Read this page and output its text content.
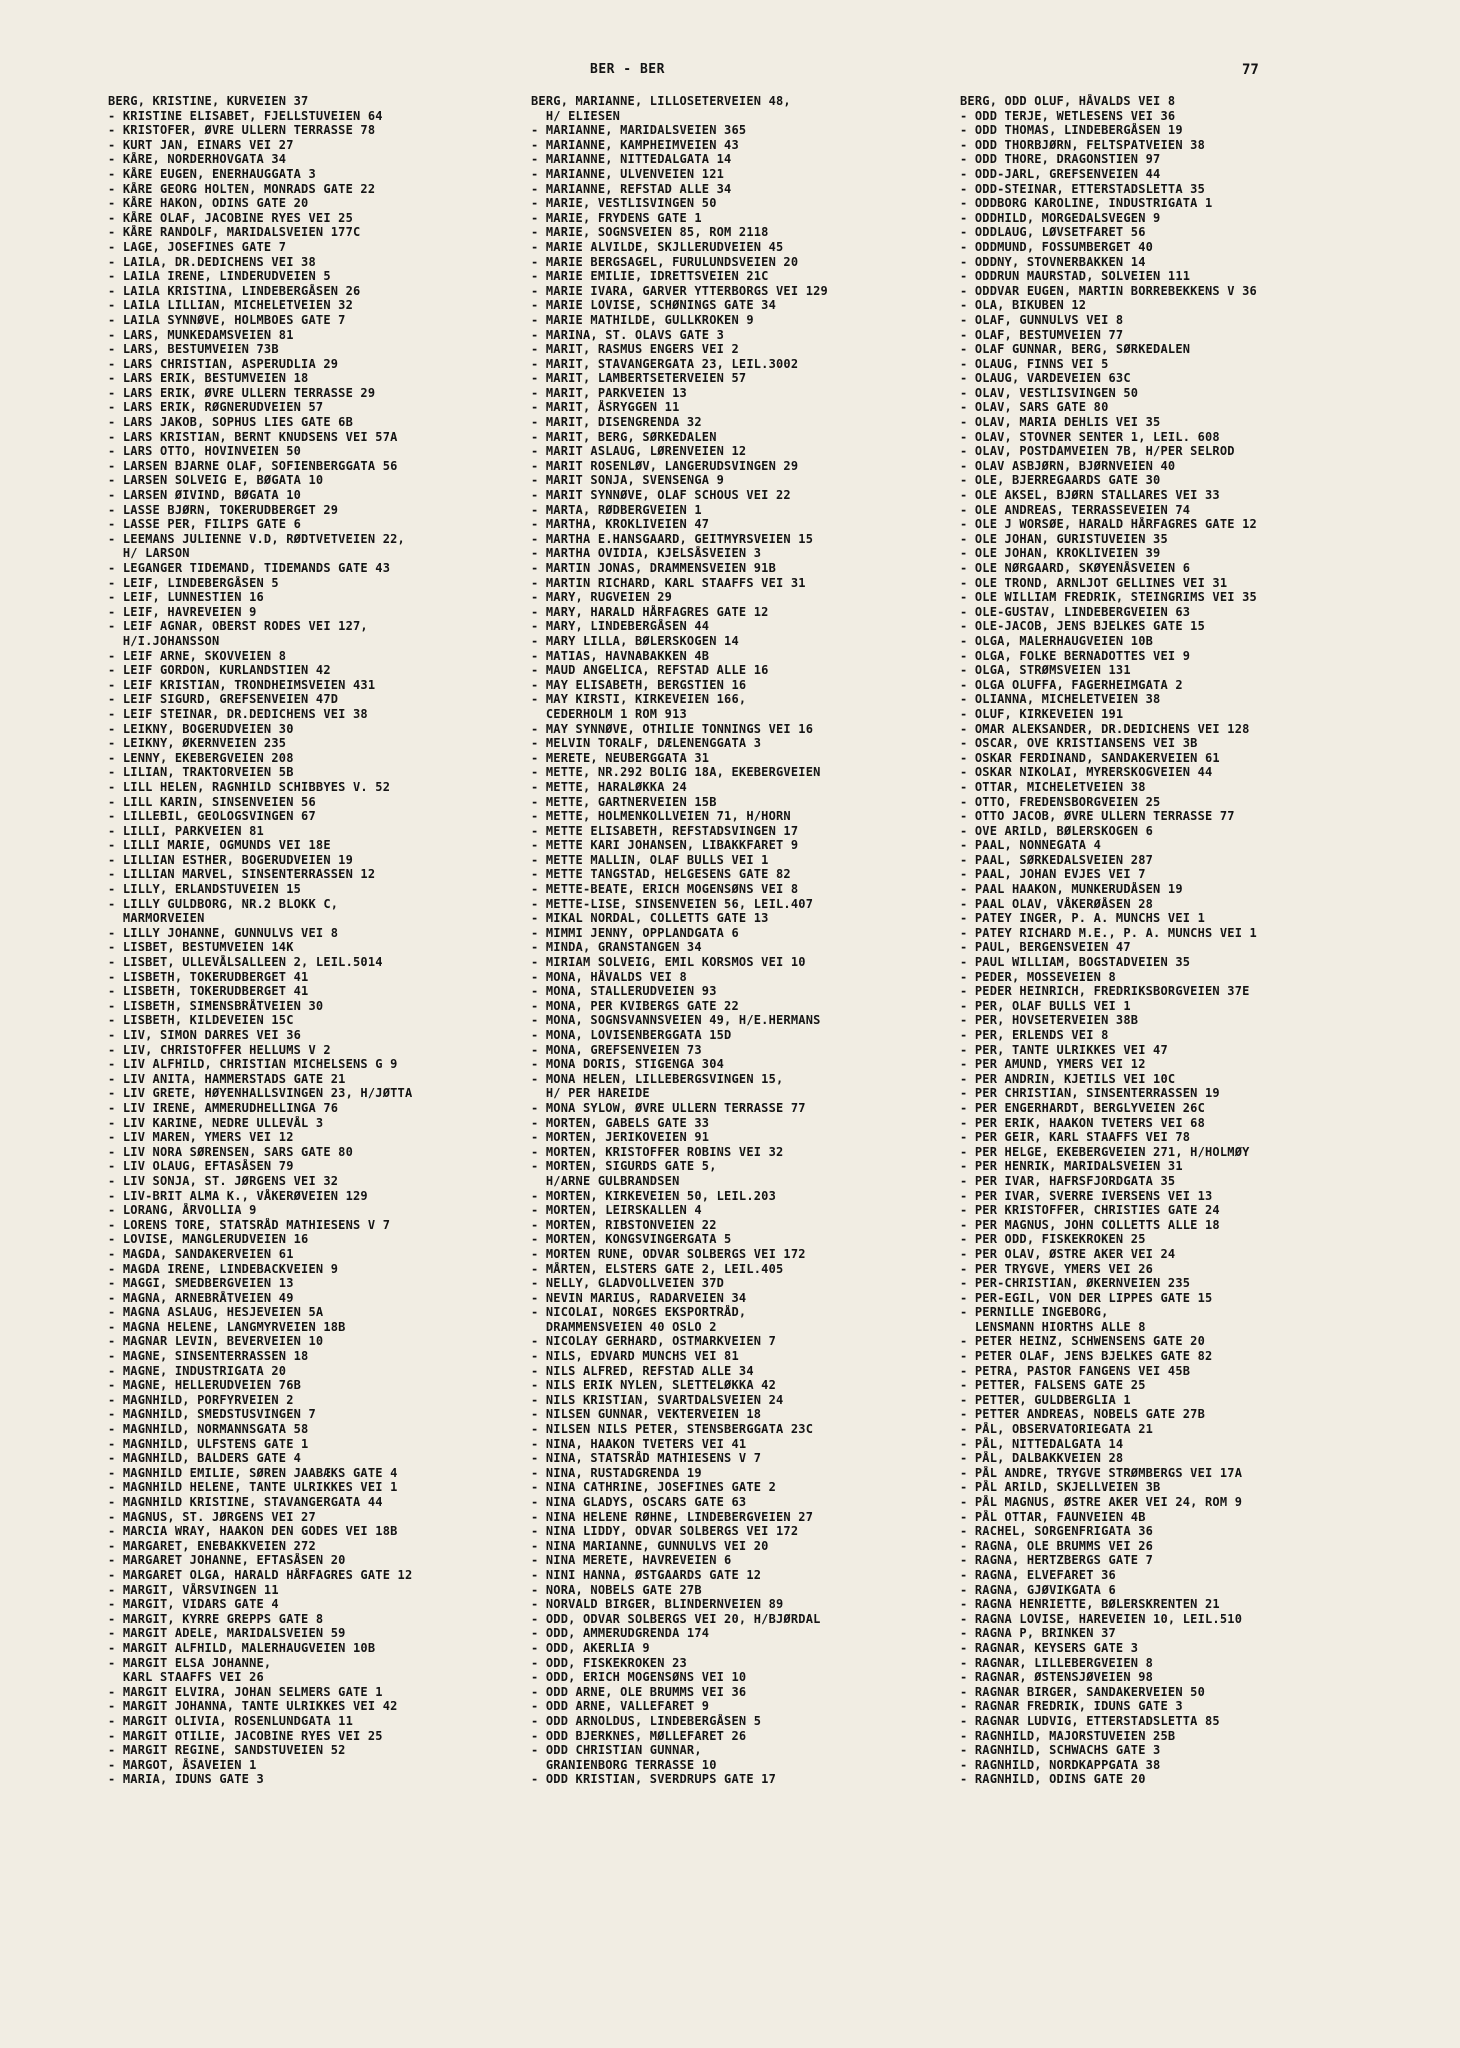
BER - BER	77
BERG, KRISTINE, KURVEIEN 37
- KRISTINE ELISABET, FJELLSTUVEIEN 64
- KRISTOFER, ØVRE ULLERN TERRASSE 78
- KURT JAN, EINARS VEI 27
- KÅRE, NORDERHOVGATA 34
- KÅRE EUGEN, ENERHAUGGATA 3
- KÅRE GEORG HOLTEN, MONRADS GATE 22
- KÅRE HAKON, ODINS GATE 20
- KÅRE OLAF, JACOBINE RYES VEI 25
- KÅRE RANDOLF, MARIDALSVEIEN 177C
- LAGE, JOSEFINES GATE 7
- LAILA, DR.DEDICHENS VEI 38
- LAILA IRENE, LINDERUDVEIEN 5
- LAILA KRISTINA, LINDEBERGÅSEN 26
- LAILA LILLIAN, MICHELETVEIEN 32
- LAILA SYNNØVE, HOLMBOES GATE 7
- LARS, MUNKEDAMSVEIEN 81
- LARS, BESTUMVEIEN 73B
- LARS CHRISTIAN, ASPERUDLIA 29
- LARS ERIK, BESTUMVEIEN 18
- LARS ERIK, ØVRE ULLERN TERRASSE 29
- LARS ERIK, RØGNERUDVEIEN 57
- LARS JAKOB, SOPHUS LIES GATE 6B
- LARS KRISTIAN, BERNT KNUDSENS VEI 57A
- LARS OTTO, HOVINVEIEN 50
- LARSEN BJARNE OLAF, SOFIENBERGGATA 56
- LARSEN SOLVEIG E, BØGATA 10
- LARSEN ØIVIND, BØGATA 10
- LASSE BJØRN, TOKERUDBERGET 29
- LASSE PER, FILIPS GATE 6
- LEEMANS JULIENNE V.D, RØDTVETVEIEN 22,
H/ LARSON
- LEGANGER TIDEMAND, TIDEMANDS GATE 43
- LEIF, LINDEBERGÅSEN 5
- LEIF, LUNNESTIEN 16
- LEIF, HAVREVEIEN 9
- LEIF AGNAR, OBERST RODES VEI 127,
H/I.JOHANSSON
- LEIF ARNE, SKOVVEIEN 8
- LEIF GORDON, KURLANDSTIEN 42
- LEIF KRISTIAN, TRONDHEIMSVEIEN 431
- LEIF SIGURD, GREFSENVEIEN 47D
- LEIF STEINAR, DR.DEDICHENS VEI 38
- LEIKNY, BOGERUDVEIEN 30
- LEIKNY, ØKERNVEIEN 235
- LENNY, EKEBERGVEIEN 208
- LILIAN, TRAKTORVEIEN 5B
- LILL HELEN, RAGNHILD SCHIBBYES V. 52
- LILL KARIN, SINSENVEIEN 56
- LILLEBIL, GEOLOGSVINGEN 67
- LILLI, PARKVEIEN 81
- LILLI MARIE, OGMUNDS VEI 18E
- LILLIAN ESTHER, BOGERUDVEIEN 19
- LILLIAN MARVEL, SINSENTERRASSEN 12
- LILLY, ERLANDSTUVEIEN 15
- LILLY GULDBORG, NR.2 BLOKK C,
MARMORVEIEN
- LILLY JOHANNE, GUNNULVS VEI 8
- LISBET, BESTUMVEIEN 14K
- LISBET, ULLEVÅLSALLEEN 2, LEIL.5014
- LISBETH, TOKERUDBERGET 41
- LISBETH, TOKERUDBERGET 41
- LISBETH, SIMENSBRÅTVEIEN 30
- LISBETH, KILDEVEIEN 15C
- LIV, SIMON DARRES VEI 36
- LIV, CHRISTOFFER HELLUMS V 2
- LIV ALFHILD, CHRISTIAN MICHELSENS G 9
- LIV ANITA, HAMMERSTADS GATE 21
- LIV GRETE, HØYENHALLSVINGEN 23, H/JØTTA
- LIV IRENE, AMMERUDHELLINGA 76
- LIV KARINE, NEDRE ULLEVÅL 3
- LIV MAREN, YMERS VEI 12
- LIV NORA SØRENSEN, SARS GATE 80
- LIV OLAUG, EFTASÅSEN 79
- LIV SONJA, ST. JØRGENS VEI 32
- LIV-BRIT ALMA K., VÅKERØVEIEN 129
- LORANG, ÅRVOLLIA 9
- LORENS TORE, STATSRÅD MATHIESENS V 7
- LOVISE, MANGLERUDVEIEN 16
- MAGDA, SANDAKERVEIEN 61
- MAGDA IRENE, LINDEBACKVEIEN 9
- MAGGI, SMEDBERGVEIEN 13
- MAGNA, ARNEBRÅTVEIEN 49
- MAGNA ASLAUG, HESJEVEIEN 5A
- MAGNA HELENE, LANGMYRVEIEN 18B
- MAGNAR LEVIN, BEVERVEIEN 10
- MAGNE, SINSENTERRASSEN 18
- MAGNE, INDUSTRIGATA 20
- MAGNE, HELLERUDVEIEN 76B
- MAGNHILD, PORFYRVEIEN 2
- MAGNHILD, SMEDSTUSVINGEN 7
- MAGNHILD, NORMANNSGATA 58
- MAGNHILD, ULFSTENS GATE 1
- MAGNHILD, BALDERS GATE 4
- MAGNHILD EMILIE, SØREN JAABÆKS GATE 4
- MAGNHILD HELENE, TANTE ULRIKKES VEI 1
- MAGNHILD KRISTINE, STAVANGERGATA 44
- MAGNUS, ST. JØRGENS VEI 27
- MARCIA WRAY, HAAKON DEN GODES VEI 18B
- MARGARET, ENEBAKKVEIEN 272
- MARGARET JOHANNE, EFTASÅSEN 20
- MARGARET OLGA, HARALD HÅRFAGRES GATE 12
- MARGIT, VÅRSVINGEN 11
- MARGIT, VIDARS GATE 4
- MARGIT, KYRRE GREPPS GATE 8
- MARGIT ADELE, MARIDALSVEIEN 59
- MARGIT ALFHILD, MALERHAUGVEIEN 10B
- MARGIT ELSA JOHANNE,
KARL STAAFFS VEI 26
- MARGIT ELVIRA, JOHAN SELMERS GATE 1
- MARGIT JOHANNA, TANTE ULRIKKES VEI 42
- MARGIT OLIVIA, ROSENLUNDGATA 11
- MARGIT OTILIE, JACOBINE RYES VEI 25
- MARGIT REGINE, SANDSTUVEIEN 52
- MARGOT, ÅSAVEIEN 1
- MARIA, IDUNS GATE 3
BERG, MARIANNE, LILLOSETERVEIEN 48,
H/ ELIESEN
- MARIANNE, MARIDALSVEIEN 365
- MARIANNE, KAMPHEIMVEIEN 43
- MARIANNE, NITTEDALGATA 14
- MARIANNE, ULVENVEIEN 121
- MARIANNE, REFSTAD ALLE 34
- MARIE, VESTLISVINGEN 50
- MARIE, FRYDENS GATE 1
- MARIE, SOGNSVEIEN 85, ROM 2118
- MARIE ALVILDE, SKJLLERUDVEIEN 45
- MARIE BERGSAGEL, FURULUNDSVEIEN 20
- MARIE EMILIE, IDRETTSVEIEN 21C
- MARIE IVARA, GARVER YTTERBORGS VEI 129
- MARIE LOVISE, SCHØNINGS GATE 34
- MARIE MATHILDE, GULLKROKEN 9
- MARINA, ST. OLAVS GATE 3
- MARIT, RASMUS ENGERS VEI 2
- MARIT, STAVANGERGATA 23, LEIL.3002
- MARIT, LAMBERTSETERVEIEN 57
- MARIT, PARKVEIEN 13
- MARIT, ÅSRYGGEN 11
- MARIT, DISENGRENDA 32
- MARIT, BERG, SØRKEDALEN
- MARIT ASLAUG, LØRENVEIEN 12
- MARIT ROSENLØV, LANGERUDSVINGEN 29
- MARIT SONJA, SVENSENGA 9
- MARIT SYNNØVE, OLAF SCHOUS VEI 22
- MARTA, RØDBERGVEIEN 1
- MARTHA, KROKLIVEIEN 47
- MARTHA E.HANSGAARD, GEITMYRSVEIEN 15
- MARTHA OVIDIA, KJELSÅSVEIEN 3
- MARTIN JONAS, DRAMMENSVEIEN 91B
- MARTIN RICHARD, KARL STAAFFS VEI 31
- MARY, RUGVEIEN 29
- MARY, HARALD HÅRFAGRES GATE 12
- MARY, LINDEBERGÅSEN 44
- MARY LILLA, BØLERSKOGEN 14
- MATIAS, HAVNABAKKEN 4B
- MAUD ANGELICA, REFSTAD ALLE 16
- MAY ELISABETH, BERGSTIEN 16
- MAY KIRSTI, KIRKEVEIEN 166,
CEDERHOLM 1 ROM 913
- MAY SYNNØVE, OTHILIE TONNINGS VEI 16
- MELVIN TORALF, DÆLENENGGATA 3
- MERETE, NEUBERGGATA 31
- METTE, NR.292 BOLIG 18A, EKEBERGVEIEN
- METTE, HARALØKKA 24
- METTE, GARTNERVEIEN 15B
- METTE, HOLMENKOLLVEIEN 71, H/HORN
- METTE ELISABETH, REFSTADSVINGEN 17
- METTE KARI JOHANSEN, LIBAKKFARET 9
- METTE MALLIN, OLAF BULLS VEI 1
- METTE TANGSTAD, HELGESENS GATE 82
- METTE-BEATE, ERICH MOGENSØNS VEI 8
- METTE-LISE, SINSENVEIEN 56, LEIL.407
- MIKAL NORDAL, COLLETTS GATE 13
- MIMMI JENNY, OPPLANDGATA 6
- MINDA, GRANSTANGEN 34
- MIRIAM SOLVEIG, EMIL KORSMOS VEI 10
- MONA, HÅVALDS VEI 8
- MONA, STALLERUDVEIEN 93
- MONA, PER KVIBERGS GATE 22
- MONA, SOGNSVANNSVEIEN 49, H/E.HERMANS
- MONA, LOVISENBERGGATA 15D
- MONA, GREFSENVEIEN 73
- MONA DORIS, STIGENGA 304
- MONA HELEN, LILLEBERGSVINGEN 15,
H/ PER HAREIDE
- MONA SYLOW, ØVRE ULLERN TERRASSE 77
- MORTEN, GABELS GATE 33
- MORTEN, JERIKOVEIEN 91
- MORTEN, KRISTOFFER ROBINS VEI 32
- MORTEN, SIGURDS GATE 5,
H/ARNE GULBRANDSEN
- MORTEN, KIRKEVEIEN 50, LEIL.203
- MORTEN, LEIRSKALLEN 4
- MORTEN, RIBSTONVEIEN 22
- MORTEN, KONGSVINGERGATA 5
- MORTEN RUNE, ODVAR SOLBERGS VEI 172
- MÅRTEN, ELSTERS GATE 2, LEIL.405
- NELLY, GLADVOLLVEIEN 37D
- NEVIN MARIUS, RADARVEIEN 34
- NICOLAI, NORGES EKSPORTRÅD,
DRAMMENSVEIEN 40 OSLO 2
- NICOLAY GERHARD, OSTMARKVEIEN 7
- NILS, EDVARD MUNCHS VEI 81
- NILS ALFRED, REFSTAD ALLE 34
- NILS ERIK NYLEN, SLETTELØKKA 42
- NILS KRISTIAN, SVARTDALSVEIEN 24
- NILSEN GUNNAR, VEKTERVEIEN 18
- NILSEN NILS PETER, STENSBERGGATA 23C
- NINA, HAAKON TVETERS VEI 41
- NINA, STATSRÅD MATHIESENS V 7
- NINA, RUSTADGRENDA 19
- NINA CATHRINE, JOSEFINES GATE 2
- NINA GLADYS, OSCARS GATE 63
- NINA HELENE RØHNE, LINDEBERGVEIEN 27
- NINA LIDDY, ODVAR SOLBERGS VEI 172
- NINA MARIANNE, GUNNULVS VEI 20
- NINA MERETE, HAVREVEIEN 6
- NINI HANNA, ØSTGAARDS GATE 12
- NORA, NOBELS GATE 27B
- NORVALD BIRGER, BLINDERNVEIEN 89
- ODD, ODVAR SOLBERGS VEI 20, H/BJØRDAL
- ODD, AMMERUDGRENDA 174
- ODD, AKERLIA 9
- ODD, FISKEKROKEN 23
- ODD, ERICH MOGENSØNS VEI 10
- ODD ARNE, OLE BRUMMS VEI 36
- ODD ARNE, VALLEFARET 9
- ODD ARNOLDUS, LINDEBERGÅSEN 5
- ODD BJERKNES, MØLLEFARET 26
- ODD CHRISTIAN GUNNAR,
GRANIENBORG TERRASSE 10
- ODD KRISTIAN, SVERDRUPS GATE 17
BERG, ODD OLUF, HÅVALDS VEI 8
- ODD TERJE, WETLESENS VEI 36
- ODD THOMAS, LINDEBERGÅSEN 19
- ODD THORBJØRN, FELTSPATVEIEN 38
- ODD THORE, DRAGONSTIEN 97
- ODD-JARL, GREFSENVEIEN 44
- ODD-STEINAR, ETTERSTADSLETTA 35
- ODDBORG KAROLINE, INDUSTRIGATA 1
- ODDHILD, MORGEDALSVEGEN 9
- ODDLAUG, LØVSETFARET 56
- ODDMUND, FOSSUMBERGET 40
- ODDNY, STOVNERBAKKEN 14
- ODDRUN MAURSTAD, SOLVEIEN 111
- ODDVAR EUGEN, MARTIN BORREBEKKENS V 36
- OLA, BIKUBEN 12
- OLAF, GUNNULVS VEI 8
- OLAF, BESTUMVEIEN 77
- OLAF GUNNAR, BERG, SØRKEDALEN
- OLAUG, FINNS VEI 5
- OLAUG, VARDEVEIEN 63C
- OLAV, VESTLISVINGEN 50
- OLAV, SARS GATE 80
- OLAV, MARIA DEHLIS VEI 35
- OLAV, STOVNER SENTER 1, LEIL. 608
- OLAV, POSTDAMVEIEN 7B, H/PER SELROD
- OLAV ASBJØRN, BJØRNVEIEN 40
- OLE, BJERREGAARDS GATE 30
- OLE AKSEL, BJØRN STALLARES VEI 33
- OLE ANDREAS, TERRASSEVEIEN 74
- OLE J WORSØE, HARALD HÅRFAGRES GATE 12
- OLE JOHAN, GURISTUVEIEN 35
- OLE JOHAN, KROKLIVEIEN 39
- OLE NØRGAARD, SKØYENÅSVEIEN 6
- OLE TROND, ARNLJOT GELLINES VEI 31
- OLE WILLIAM FREDRIK, STEINGRIMS VEI 35
- OLE-GUSTAV, LINDEBERGVEIEN 63
- OLE-JACOB, JENS BJELKES GATE 15
- OLGA, MALERHAUGVEIEN 10B
- OLGA, FOLKE BERNADOTTES VEI 9
- OLGA, STRØMSVEIEN 131
- OLGA OLUFFA, FAGERHEIMGATA 2
- OLIANNA, MICHELETVEIEN 38
- OLUF, KIRKEVEIEN 191
- OMAR ALEKSANDER, DR.DEDICHENS VEI 128
- OSCAR, OVE KRISTIANSENS VEI 3B
- OSKAR FERDINAND, SANDAKERVEIEN 61
- OSKAR NIKOLAI, MYRERSKOGVEIEN 44
- OTTAR, MICHELETVEIEN 38
- OTTO, FREDENSBORGVEIEN 25
- OTTO JACOB, ØVRE ULLERN TERRASSE 77
- OVE ARILD, BØLERSKOGEN 6
- PAAL, NONNEGATA 4
- PAAL, SØRKEDALSVEIEN 287
- PAAL, JOHAN EVJES VEI 7
- PAAL HAAKON, MUNKERUDÅSEN 19
- PAAL OLAV, VÅKERØÅSEN 28
- PATEY INGER, P. A. MUNCHS VEI 1
- PATEY RICHARD M.E., P. A. MUNCHS VEI 1
- PAUL, BERGENSVEIEN 47
- PAUL WILLIAM, BOGSTADVEIEN 35
- PEDER, MOSSEVEIEN 8
- PEDER HEINRICH, FREDRIKSBORGVEIEN 37E
- PER, OLAF BULLS VEI 1
- PER, HOVSETERVEIEN 38B
- PER, ERLENDS VEI 8
- PER, TANTE ULRIKKES VEI 47
- PER AMUND, YMERS VEI 12
- PER ANDRIN, KJETILS VEI 10C
- PER CHRISTIAN, SINSENTERRASSEN 19
- PER ENGERHARDT, BERGLYVEIEN 26C
- PER ERIK, HAAKON TVETERS VEI 68
- PER GEIR, KARL STAAFFS VEI 78
- PER HELGE, EKEBERGVEIEN 271, H/HOLMØY
- PER HENRIK, MARIDALSVEIEN 31
- PER IVAR, HAFRSFJORDGATA 35
- PER IVAR, SVERRE IVERSENS VEI 13
- PER KRISTOFFER, CHRISTIES GATE 24
- PER MAGNUS, JOHN COLLETTS ALLE 18
- PER ODD, FISKEKROKEN 25
- PER OLAV, ØSTRE AKER VEI 24
- PER TRYGVE, YMERS VEI 26
- PER-CHRISTIAN, ØKERNVEIEN 235
- PER-EGIL, VON DER LIPPES GATE 15
- PERNILLE INGEBORG,
LENSMANN HIORTHS ALLE 8
- PETER HEINZ, SCHWENSENS GATE 20
- PETER OLAF, JENS BJELKES GATE 82
- PETRA, PASTOR FANGENS VEI 45B
- PETTER, FALSENS GATE 25
- PETTER, GULDBERGLIA 1
- PETTER ANDREAS, NOBELS GATE 27B
- PÅL, OBSERVATORIEGATA 21
- PÅL, NITTEDALGATA 14
- PÅL, DALBAKKVEIEN 28
- PÅL ANDRE, TRYGVE STRØMBERGS VEI 17A
- PÅL ARILD, SKJELLVEIEN 3B
- PÅL MAGNUS, ØSTRE AKER VEI 24, ROM 9
- PÅL OTTAR, FAUNVEIEN 4B
- RACHEL, SORGENFRIGATA 36
- RAGNA, OLE BRUMMS VEI 26
- RAGNA, HERTZBERGS GATE 7
- RAGNA, ELVEFARET 36
- RAGNA, GJØVIKGATA 6
- RAGNA HENRIETTE, BØLERSKRENTEN 21
- RAGNA LOVISE, HAREVEIEN 10, LEIL.510
- RAGNA P, BRINKEN 37
- RAGNAR, KEYSERS GATE 3
- RAGNAR, LILLEBERGVEIEN 8
- RAGNAR, ØSTENSJØVEIEN 98
- RAGNAR BIRGER, SANDAKERVEIEN 50
- RAGNAR FREDRIK, IDUNS GATE 3
- RAGNAR LUDVIG, ETTERSTADSLETTA 85
- RAGNHILD, MAJORSTUVEIEN 25B
- RAGNHILD, SCHWACHS GATE 3
- RAGNHILD, NORDKAPPGATA 38
- RAGNHILD, ODINS GATE 20
